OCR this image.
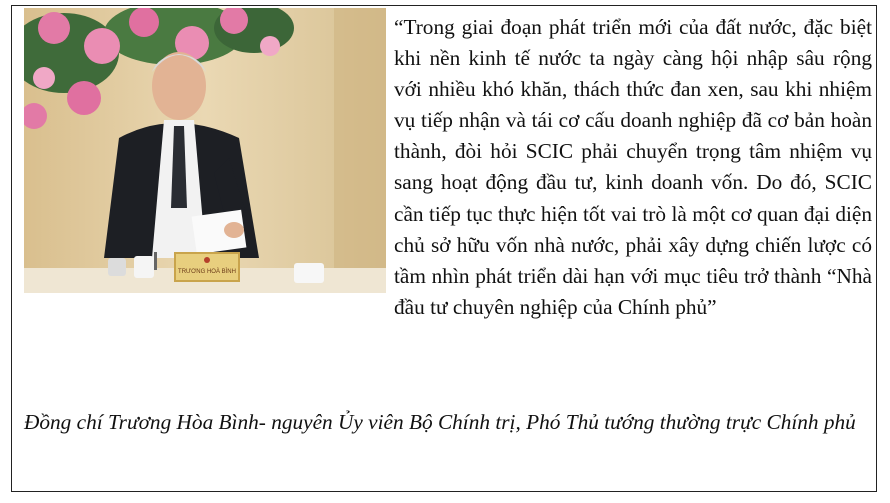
TRƯƠNG HOÀ BÌNH

“Trong giai đoạn phát triển mới của đất nước, đặc biệt khi nền kinh tế nước ta ngày càng hội nhập sâu rộng với nhiều khó khăn, thách thức đan xen, sau khi nhiệm vụ tiếp nhận và tái cơ cấu doanh nghiệp đã cơ bản hoàn thành, đòi hỏi SCIC phải chuyển trọng tâm nhiệm vụ sang hoạt động đầu tư, kinh doanh vốn. Do đó, SCIC cần tiếp tục thực hiện tốt vai trò là một cơ quan đại diện chủ sở hữu vốn nhà nước, phải xây dựng chiến lược có tầm nhìn phát triển dài hạn với mục tiêu trở thành “Nhà đầu tư chuyên nghiệp của Chính phủ”

Đồng chí Trương Hòa Bình- nguyên Ủy viên Bộ Chính trị, Phó Thủ tướng thường trực Chính phủ
